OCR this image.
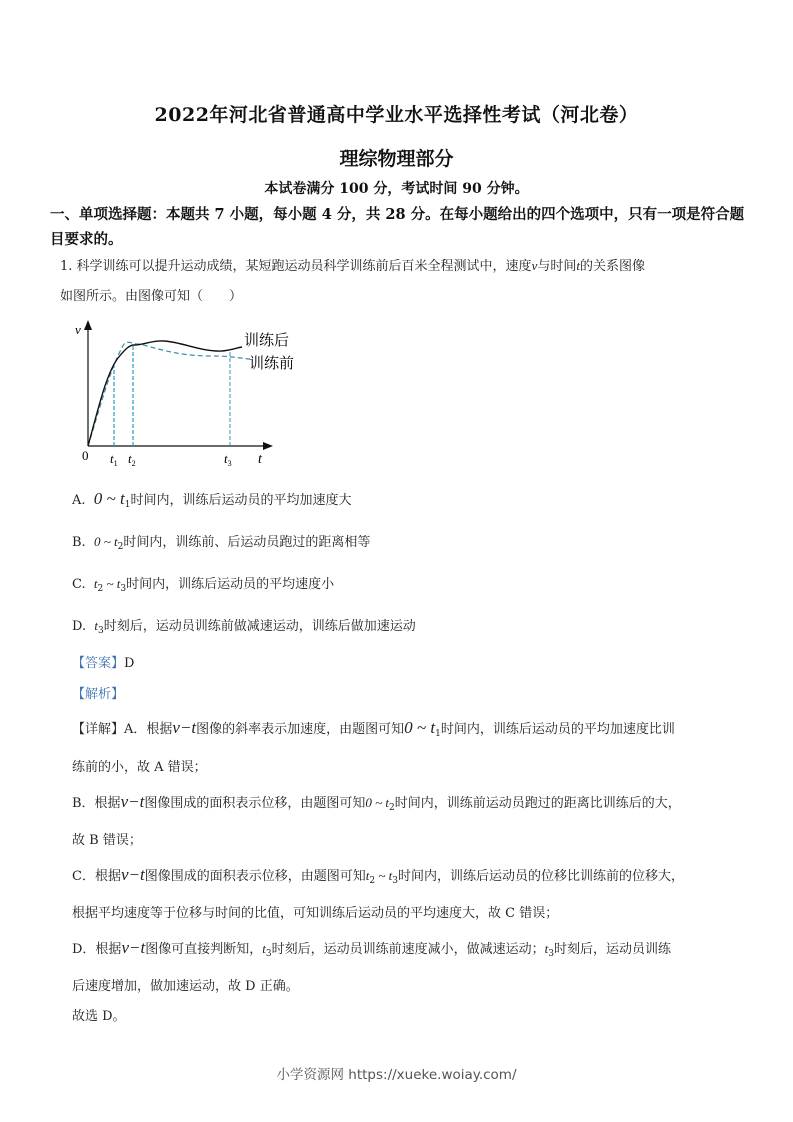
2022年河北省普通高中学业水平选择性考试（河北卷）
理综物理部分
本试卷满分 100 分，考试时间 90 分钟。
一、单项选择题：本题共 7 小题，每小题 4 分，共 28 分。在每小题给出的四个选项中，只有一项是符合题目要求的。
1. 科学训练可以提升运动成绩，某短跑运动员科学训练前后百米全程测试中，速度v与时间t的关系图像
如图所示。由图像可知（　　）
v
0 $t_1$ $t_2$	$t_3$ t
训练后
训练前
A. 0 ~ $t_1$时间内，训练后运动员的平均加速度大
B. 0 ~ $t_2$时间内，训练前、后运动员跑过的距离相等
C. $t_2$ ~ $t_3$时间内，训练后运动员的平均速度小
D. $t_3$时刻后，运动员训练前做减速运动，训练后做加速运动
【答案】D
【解析】
【详解】A．根据v−t图像的斜率表示加速度，由题图可知0 ~ $t_1$时间内，训练后运动员的平均加速度比训
练前的小，故 A 错误；
B．根据v−t图像围成的面积表示位移，由题图可知0 ~ $t_2$时间内，训练前运动员跑过的距离比训练后的大，
故 B 错误；
C．根据v−t图像围成的面积表示位移，由题图可知$t_2$ ~ $t_3$时间内，训练后运动员的位移比训练前的位移大，
根据平均速度等于位移与时间的比值，可知训练后运动员的平均速度大，故 C 错误；
D．根据v−t图像可直接判断知，$t_3$时刻后，运动员训练前速度减小，做减速运动；$t_3$时刻后，运动员训练
后速度增加，做加速运动，故 D 正确。
故选 D。
小学资源网 https://xueke.woiay.com/
